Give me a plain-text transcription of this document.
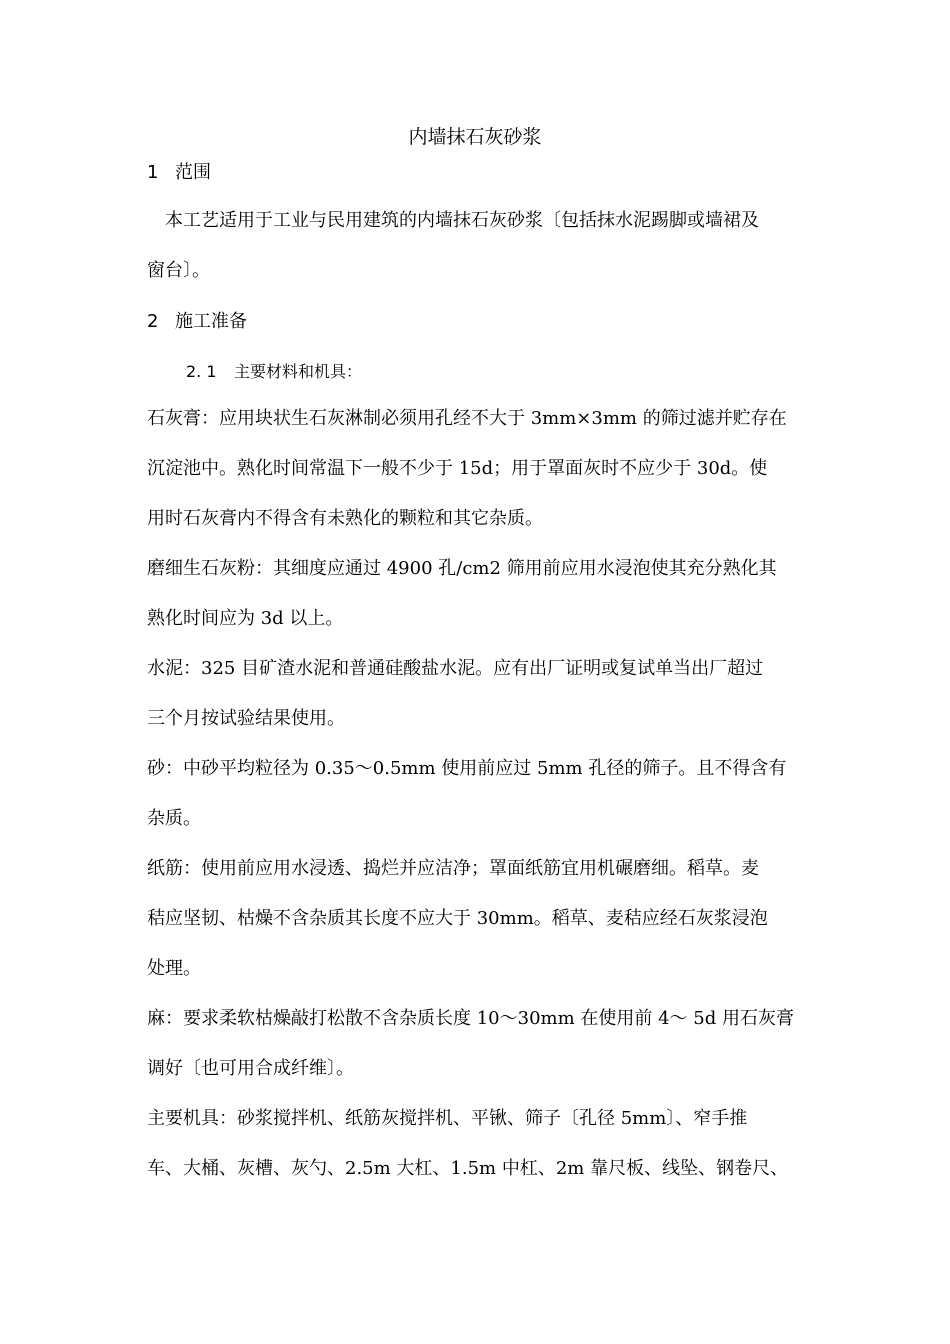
内墙抹石灰砂浆
1 范围
本工艺适用于工业与民用建筑的内墙抹石灰砂浆〔包括抹水泥踢脚或墙裙及
窗台〕。
2 施工准备
2. 1 主要材料和机具：
石灰膏：应用块状生石灰淋制必须用孔经不大于 3mm×3mm 的筛过滤并贮存在
沉淀池中。熟化时间常温下一般不少于 15d；用于罩面灰时不应少于 30d。使
用时石灰膏内不得含有未熟化的颗粒和其它杂质。
磨细生石灰粉：其细度应通过 4900 孔/cm2 筛用前应用水浸泡使其充分熟化其
熟化时间应为 3d 以上。
水泥：325 目矿渣水泥和普通硅酸盐水泥。应有出厂证明或复试单当出厂超过
三个月按试验结果使用。
砂：中砂平均粒径为 0.35～0.5mm 使用前应过 5mm 孔径的筛子。且不得含有
杂质。
纸筋：使用前应用水浸透、捣烂并应洁净；罩面纸筋宜用机碾磨细。稻草。麦
秸应坚韧、枯燥不含杂质其长度不应大于 30mm。稻草、麦秸应经石灰浆浸泡
处理。
麻：要求柔软枯燥敲打松散不含杂质长度 10～30mm 在使用前 4～ 5d 用石灰膏
调好〔也可用合成纤维〕。
主要机具：砂浆搅拌机、纸筋灰搅拌机、平锹、筛子〔孔径 5mm〕、窄手推
车、大桶、灰槽、灰勺、2.5m 大杠、1.5m 中杠、2m 靠尺板、线坠、钢卷尺、
